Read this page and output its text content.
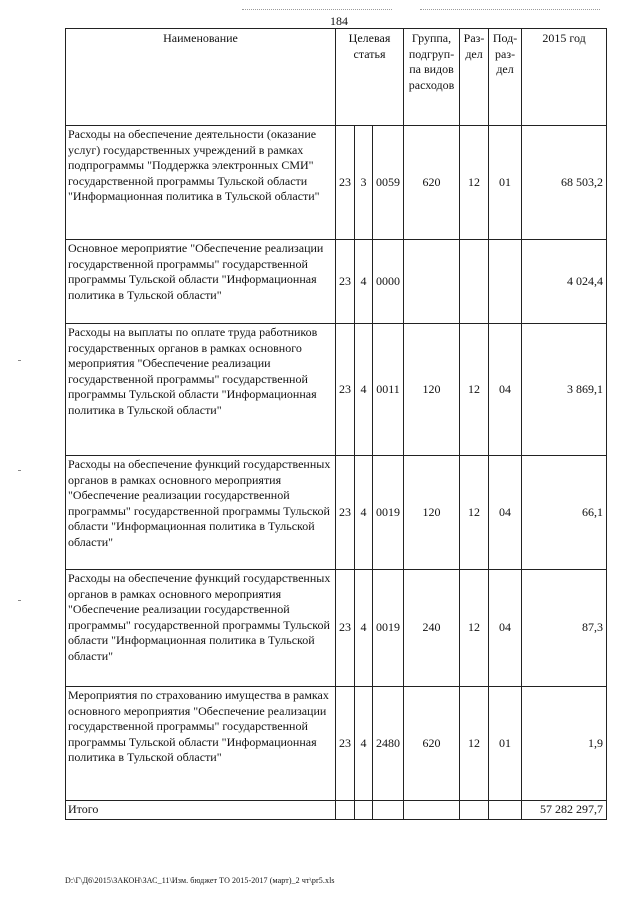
184
Наименование	Целевая статья			Группа, подгруп-па видов расходов	Раз-дел	Под-раз-дел	2015 год
Расходы на обеспечение деятельности (оказание услуг) государственных учреждений в рамках подпрограммы "Поддержка электронных СМИ" государственной программы Тульской области "Информационная политика в Тульской области"	23	3	0059	620	12	01	68 503,2
Основное мероприятие "Обеспечение реализации государственной программы" государственной программы Тульской области "Информационная политика в Тульской области"	23	4	0000				4 024,4
Расходы на выплаты по оплате труда работников государственных органов в рамках основного мероприятия "Обеспечение реализации государственной программы" государственной программы Тульской области "Информационная политика в Тульской области"	23	4	0011	120	12	04	3 869,1
Расходы на обеспечение функций государственных органов в рамках основного мероприятия "Обеспечение реализации государственной программы" государственной программы Тульской области "Информационная политика в Тульской области"	23	4	0019	120	12	04	66,1
Расходы на обеспечение функций государственных органов в рамках основного мероприятия "Обеспечение реализации государственной программы" государственной программы Тульской области "Информационная политика в Тульской области"	23	4	0019	240	12	04	87,3
Мероприятия по страхованию имущества в рамках основного мероприятия "Обеспечение реализации государственной программы" государственной программы Тульской области "Информационная политика в Тульской области"	23	4	2480	620	12	01	1,9
Итого							57 282 297,7
D:\Г\Д6\2015\ЗАКОН\ЗАС_11\Изм. бюджет ТО 2015-2017 (март)_2 чт\pr5.xls
